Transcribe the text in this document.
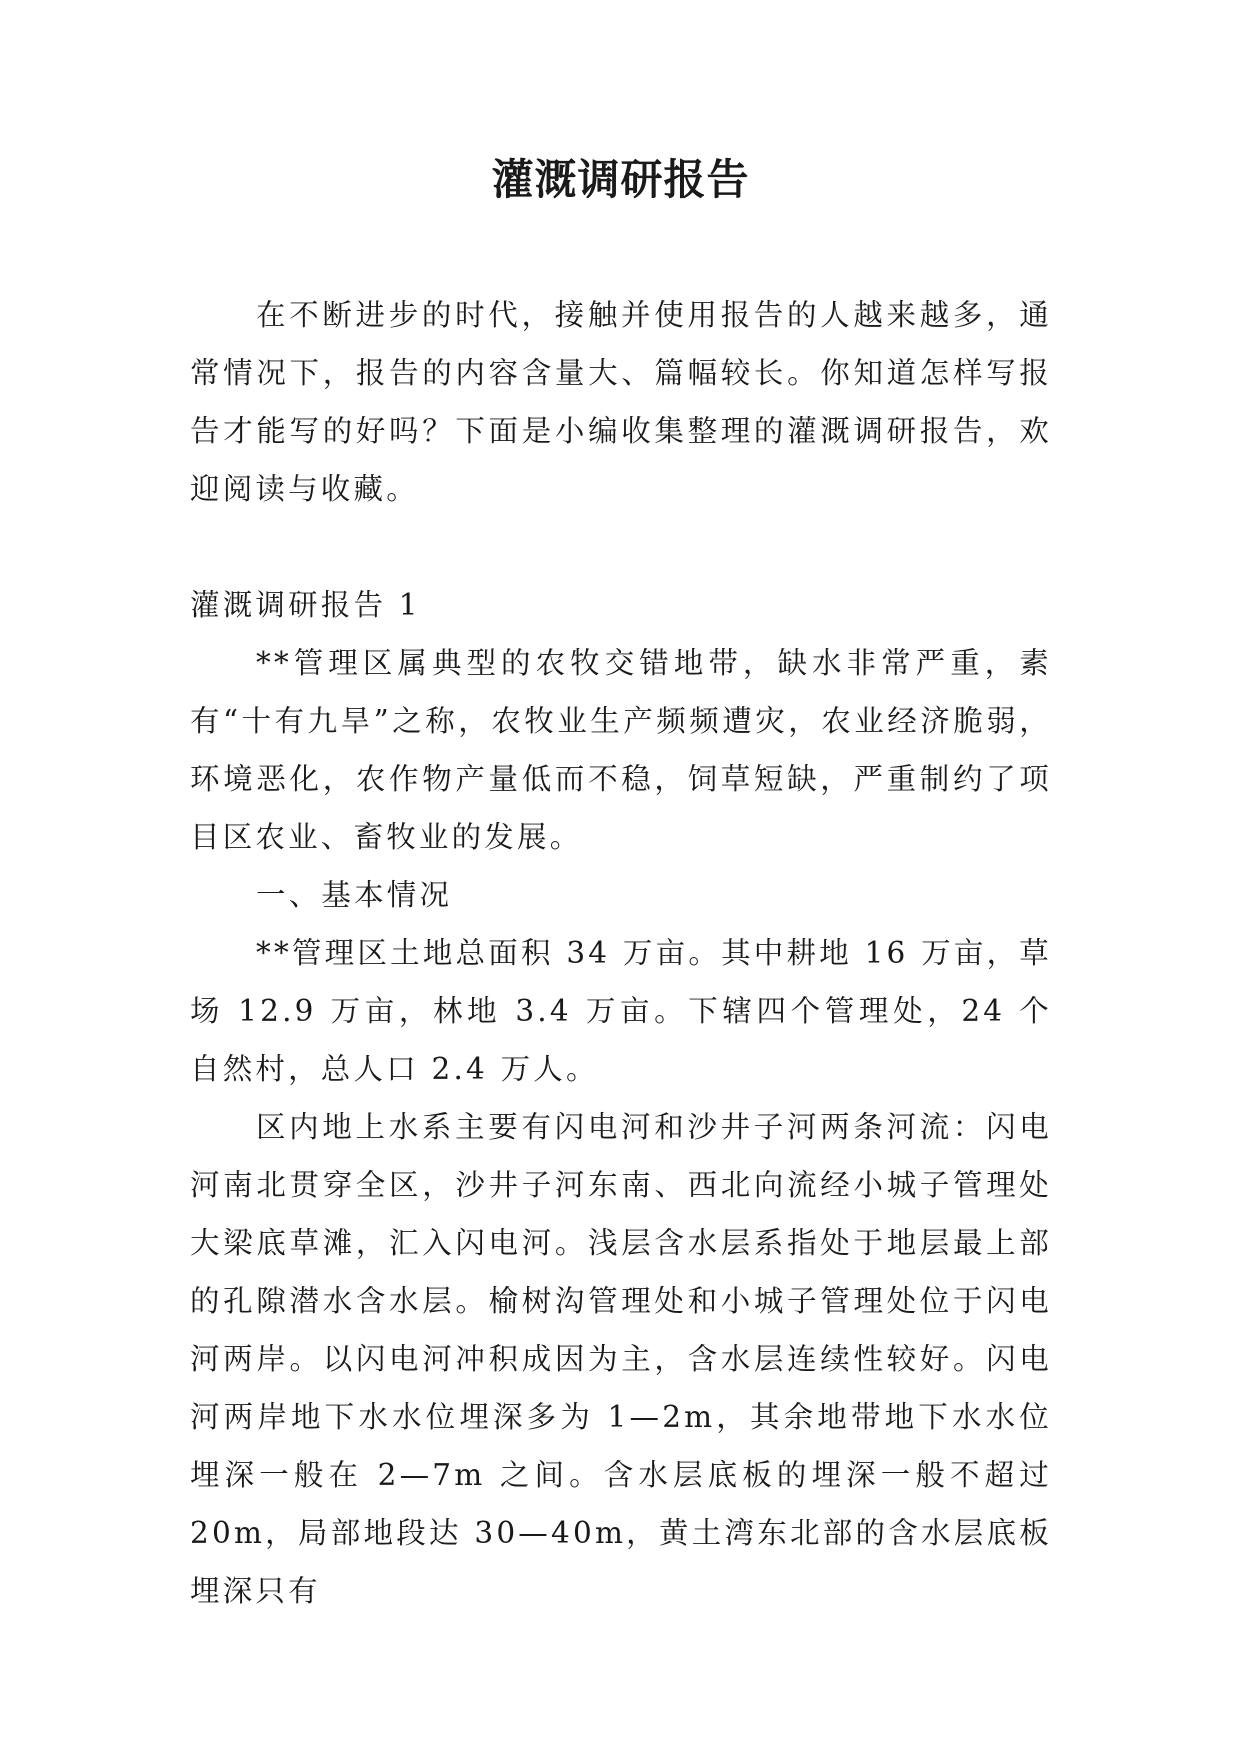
灌溉调研报告

在不断进步的时代，接触并使用报告的人越来越多，通常情况下，报告的内容含量大、篇幅较长。你知道怎样写报告才能写的好吗？下面是小编收集整理的灌溉调研报告，欢迎阅读与收藏。

灌溉调研报告 1

**管理区属典型的农牧交错地带，缺水非常严重，素有“十有九旱”之称，农牧业生产频频遭灾，农业经济脆弱，环境恶化，农作物产量低而不稳，饲草短缺，严重制约了项目区农业、畜牧业的发展。

一、基本情况

**管理区土地总面积 34 万亩。其中耕地 16 万亩，草场 12.9 万亩，林地 3.4 万亩。下辖四个管理处，24 个自然村，总人口 2.4 万人。

区内地上水系主要有闪电河和沙井子河两条河流：闪电河南北贯穿全区，沙井子河东南、西北向流经小城子管理处大梁底草滩，汇入闪电河。浅层含水层系指处于地层最上部的孔隙潜水含水层。榆树沟管理处和小城子管理处位于闪电河两岸。以闪电河冲积成因为主，含水层连续性较好。闪电河两岸地下水水位埋深多为 1—2m，其余地带地下水水位埋深一般在 2—7m 之间。含水层底板的埋深一般不超过 20m，局部地段达 30—40m，黄土湾东北部的含水层底板埋深只有
